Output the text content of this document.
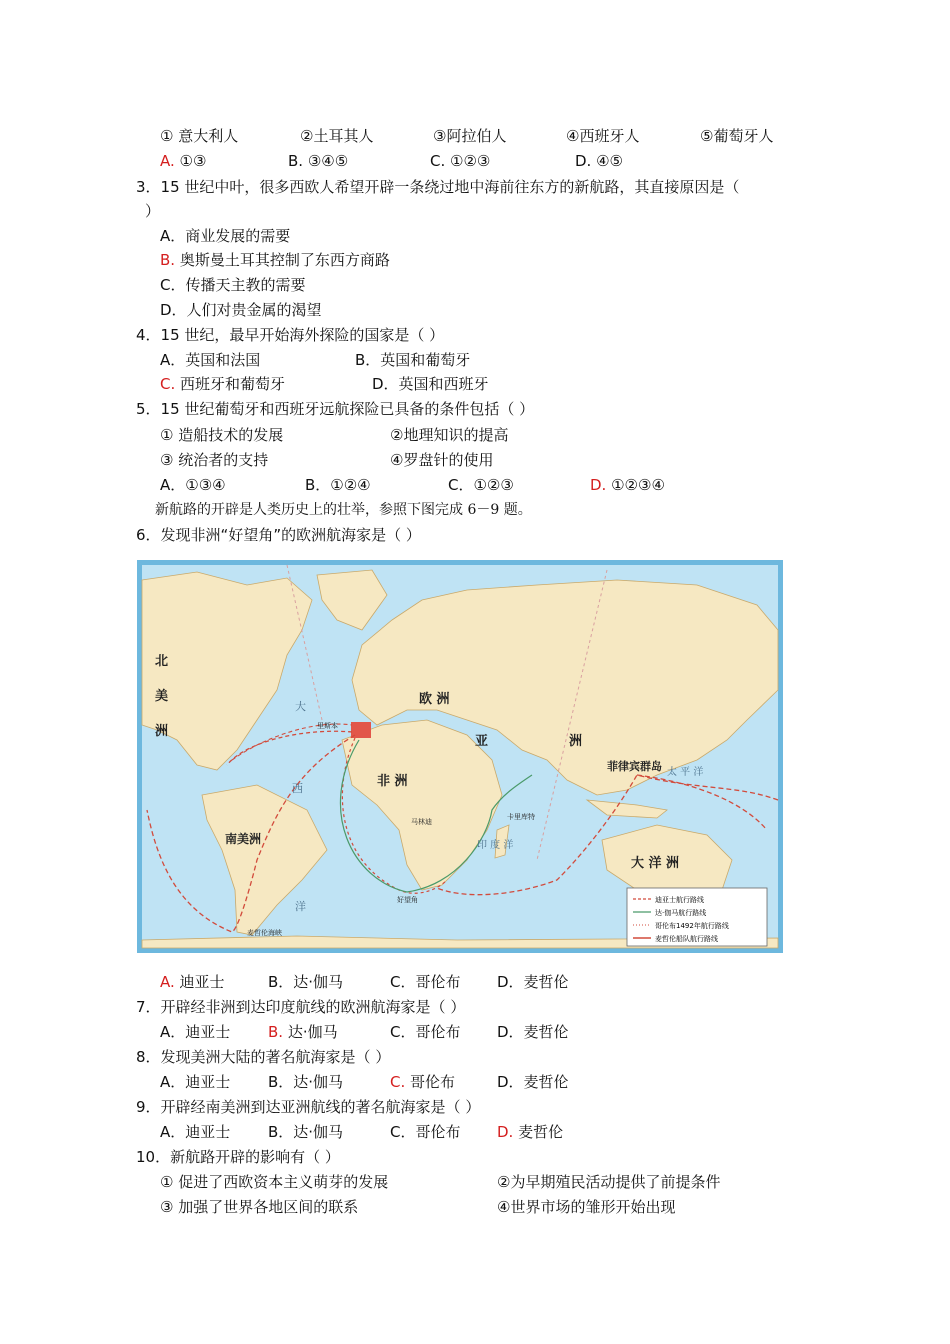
① 意大利人	②土耳其人	③阿拉伯人	④西班牙人	⑤葡萄牙人
A. ①③	B. ③④⑤	C. ①②③	D. ④⑤
3．15 世纪中叶，很多西欧人希望开辟一条绕过地中海前往东方的新航路，其直接原因是（
）
A．商业发展的需要
B. 奥斯曼土耳其控制了东西方商路
C．传播天主教的需要
D．人们对贵金属的渴望
4．15 世纪，最早开始海外探险的国家是（ ）
A．英国和法国	B．英国和葡萄牙
C. 西班牙和葡萄牙	D．英国和西班牙
5．15 世纪葡萄牙和西班牙远航探险已具备的条件包括（ ）
① 造船技术的发展	②地理知识的提高
③ 统治者的支持	④罗盘针的使用
A．①③④	B．①②④	C．①②③	D. ①②③④
新航路的开辟是人类历史上的壮举，参照下图完成 6－9 题。
6．发现非洲“好望角”的欧洲航海家是（ ）
北
美
洲
南美洲
欧 洲
亚	洲
非 洲
大 洋 洲
大
西
洋
印 度 洋
太 平 洋
里斯本
卡里库特
马林迪
好望角
菲律宾群岛
麦哲伦海峡
迪亚士航行路线
达·伽马航行路线
哥伦布1492年航行路线
麦哲伦船队航行路线
A. 迪亚士	B．达·伽马	C．哥伦布 D．麦哲伦
7．开辟经非洲到达印度航线的欧洲航海家是（ ）
A．迪亚士	B. 达·伽马	C．哥伦布 D．麦哲伦
8．发现美洲大陆的著名航海家是（ ）
A．迪亚士	B．达·伽马	C. 哥伦布	D．麦哲伦
9．开辟经南美洲到达亚洲航线的著名航海家是（ ）
A．迪亚士	B．达·伽马	C．哥伦布 D. 麦哲伦
10．新航路开辟的影响有（ ）
① 促进了西欧资本主义萌芽的发展	②为早期殖民活动提供了前提条件
③ 加强了世界各地区间的联系	④世界市场的雏形开始出现
